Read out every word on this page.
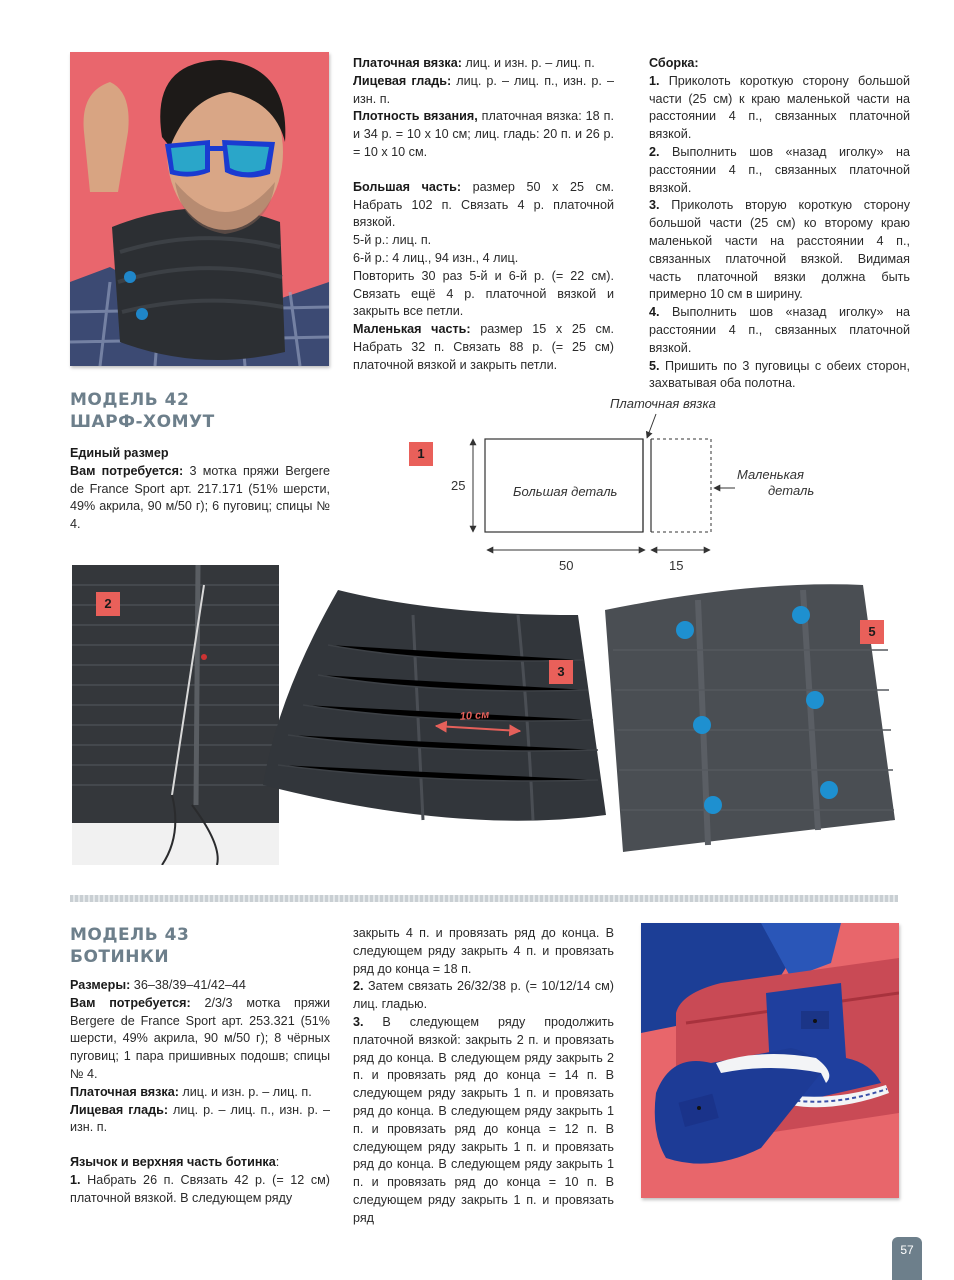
Платочная вязка: лиц. и изн. р. – лиц. п.

Лицевая гладь: лиц. р. – лиц. п., изн. р. – изн. п.

Плотность вязания, платочная вязка: 18 п. и 34 р. = 10 х 10 см; лиц. гладь: 20 п. и 26 р. = 10 х 10 см.

Большая часть: размер 50 х 25 см. Набрать 102 п. Связать 4 р. платочной вязкой.

5-й р.: лиц. п.

6-й р.: 4 лиц., 94 изн., 4 лиц.

Повторить 30 раз 5-й и 6-й р. (= 22 см). Связать ещё 4 р. платочной вязкой и закрыть все петли.

Маленькая часть: размер 15 х 25 см. Набрать 32 п. Связать 88 р. (= 25 см) платочной вязкой и закрыть петли.

Сборка:

1. Приколоть короткую сторону большой части (25 см) к краю маленькой части на расстоянии 4 п., связанных платочной вязкой.

2. Выполнить шов «назад иголку» на расстоянии 4 п., связанных платочной вязкой.

3. Приколоть вторую короткую сторону большой части (25 см) ко второму краю маленькой части на расстоянии 4 п., связанных платочной вязкой. Видимая часть платочной вязки должна быть примерно 10 см в ширину.

4. Выполнить шов «назад иголку» на расстоянии 4 п., связанных платочной вязкой.

5. Пришить по 3 пуговицы с обеих сторон, захватывая оба полотна.

МОДЕЛЬ 42
ШАРФ-ХОМУТ

Единый размер

Вам потребуется: 3 мотка пряжи Bergere de France Sport арт. 217.171 (51% шерсти, 49% акрила, 90 м/50 г); 6 пуговиц; спицы № 4.

1
Платочная вязка
Большая деталь
Маленькая
деталь
25
50	15
2
10 см
3
5
МОДЕЛЬ 43
БОТИНКИ

Размеры: 36–38/39–41/42–44

Вам потребуется: 2/3/3 мотка пряжи Bergere de France Sport арт. 253.321 (51% шерсти, 49% акрила, 90 м/50 г); 8 чёрных пуговиц; 1 пара пришивных подошв; спицы № 4.

Платочная вязка: лиц. и изн. р. – лиц. п.

Лицевая гладь: лиц. р. – лиц. п., изн. р. – изн. п.

Язычок и верхняя часть ботинка:

1. Набрать 26 п. Связать 42 р. (= 12 см) платочной вязкой. В следующем ряду

закрыть 4 п. и провязать ряд до конца. В следующем ряду закрыть 4 п. и провязать ряд до конца = 18 п.

2. Затем связать 26/32/38 р. (= 10/12/14 см) лиц. гладью.

3. В следующем ряду продолжить платочной вязкой: закрыть 2 п. и провязать ряд до конца. В следующем ряду закрыть 2 п. и провязать ряд до конца = 14 п. В следующем ряду закрыть 1 п. и провязать ряд до конца. В следующем ряду закрыть 1 п. и провязать ряд до конца = 12 п. В следующем ряду закрыть 1 п. и провязать ряд до конца. В следующем ряду закрыть 1 п. и провязать ряд до конца = 10 п. В следующем ряду закрыть 1 п. и провязать ряд

57
